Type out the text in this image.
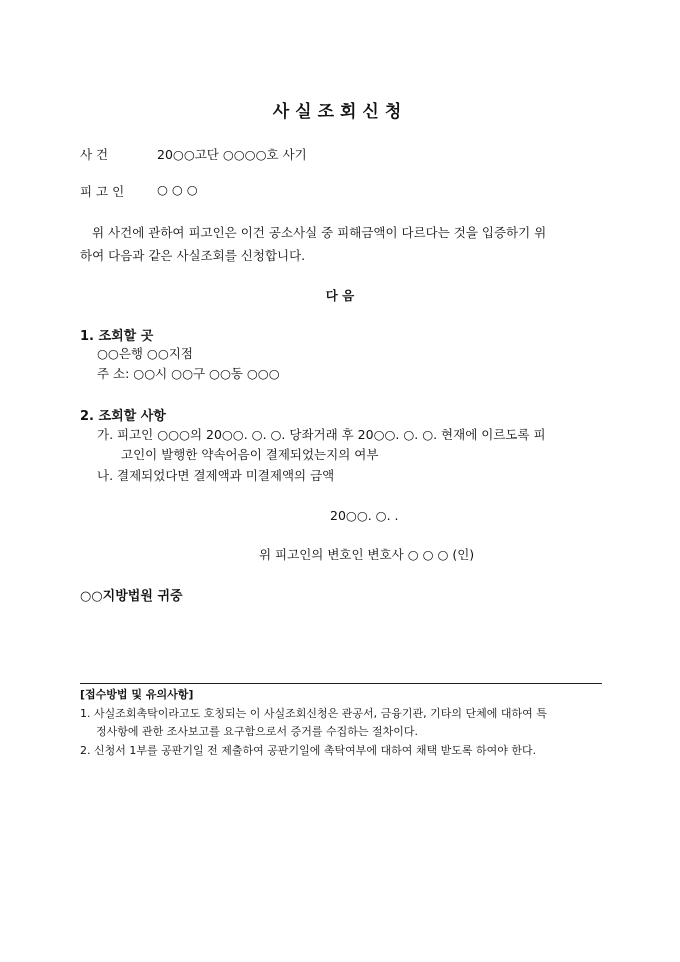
사실조회신청
사 건	20○○고단 ○○○○호 사기
피 고 인	○ ○ ○
위 사건에 관하여 피고인은 이건 공소사실 중 피해금액이 다르다는 것을 입증하기 위
하여 다음과 같은 사실조회를 신청합니다.
다 음
1. 조회할 곳
○○은행 ○○지점
주 소: ○○시 ○○구 ○○동 ○○○
2. 조회할 사항
가. 피고인 ○○○의 20○○. ○. ○. 당좌거래 후 20○○. ○. ○. 현재에 이르도록 피
고인이 발행한 약속어음이 결제되었는지의 여부
나. 결제되었다면 결제액과 미결제액의 금액
20○○. ○. .
위 피고인의 변호인 변호사 ○ ○ ○ (인)
○○지방법원 귀중
[접수방법 및 유의사항]
1. 사실조회촉탁이라고도 호칭되는 이 사실조회신청은 관공서, 금융기관, 기타의 단체에 대하여 특
정사항에 관한 조사보고를 요구함으로서 증거를 수집하는 절차이다.
2. 신청서 1부를 공판기일 전 제출하여 공판기일에 촉탁여부에 대하여 채택 받도록 하여야 한다.
